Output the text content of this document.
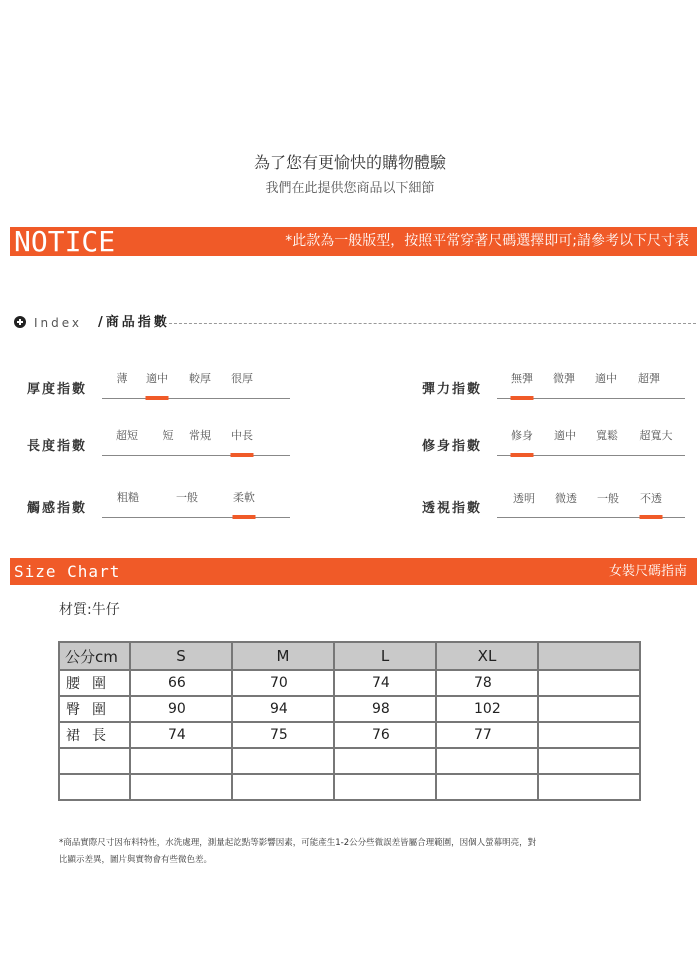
為了您有更愉快的購物體驗
我們在此提供您商品以下細節
NOTICE	*此款為一般版型，按照平常穿著尺碼選擇即可;請參考以下尺寸表
Index /商品指數
厚度指數
薄 適中 較厚 很厚
長度指數
超短 短 常規 中長
觸感指數
粗糙	一般	柔軟
彈力指數
無彈 微彈 適中 超彈
修身指數
修身 適中 寬鬆 超寬大
透視指數
透明 微透 一般 不透
Size Chart	女裝尺碼指南
材質:牛仔
公分cm	S	M	L	XL	
腰圍	66	70	74	78	
臀圍	90	94	98	102	
裙長	74	75	76	77	

*商品實際尺寸因布料特性，水洗處理，測量起訖點等影響因素，可能產生1-2公分些微誤差皆屬合理範圍，因個人螢幕明亮，對
比顯示差異，圖片與實物會有些微色差。
